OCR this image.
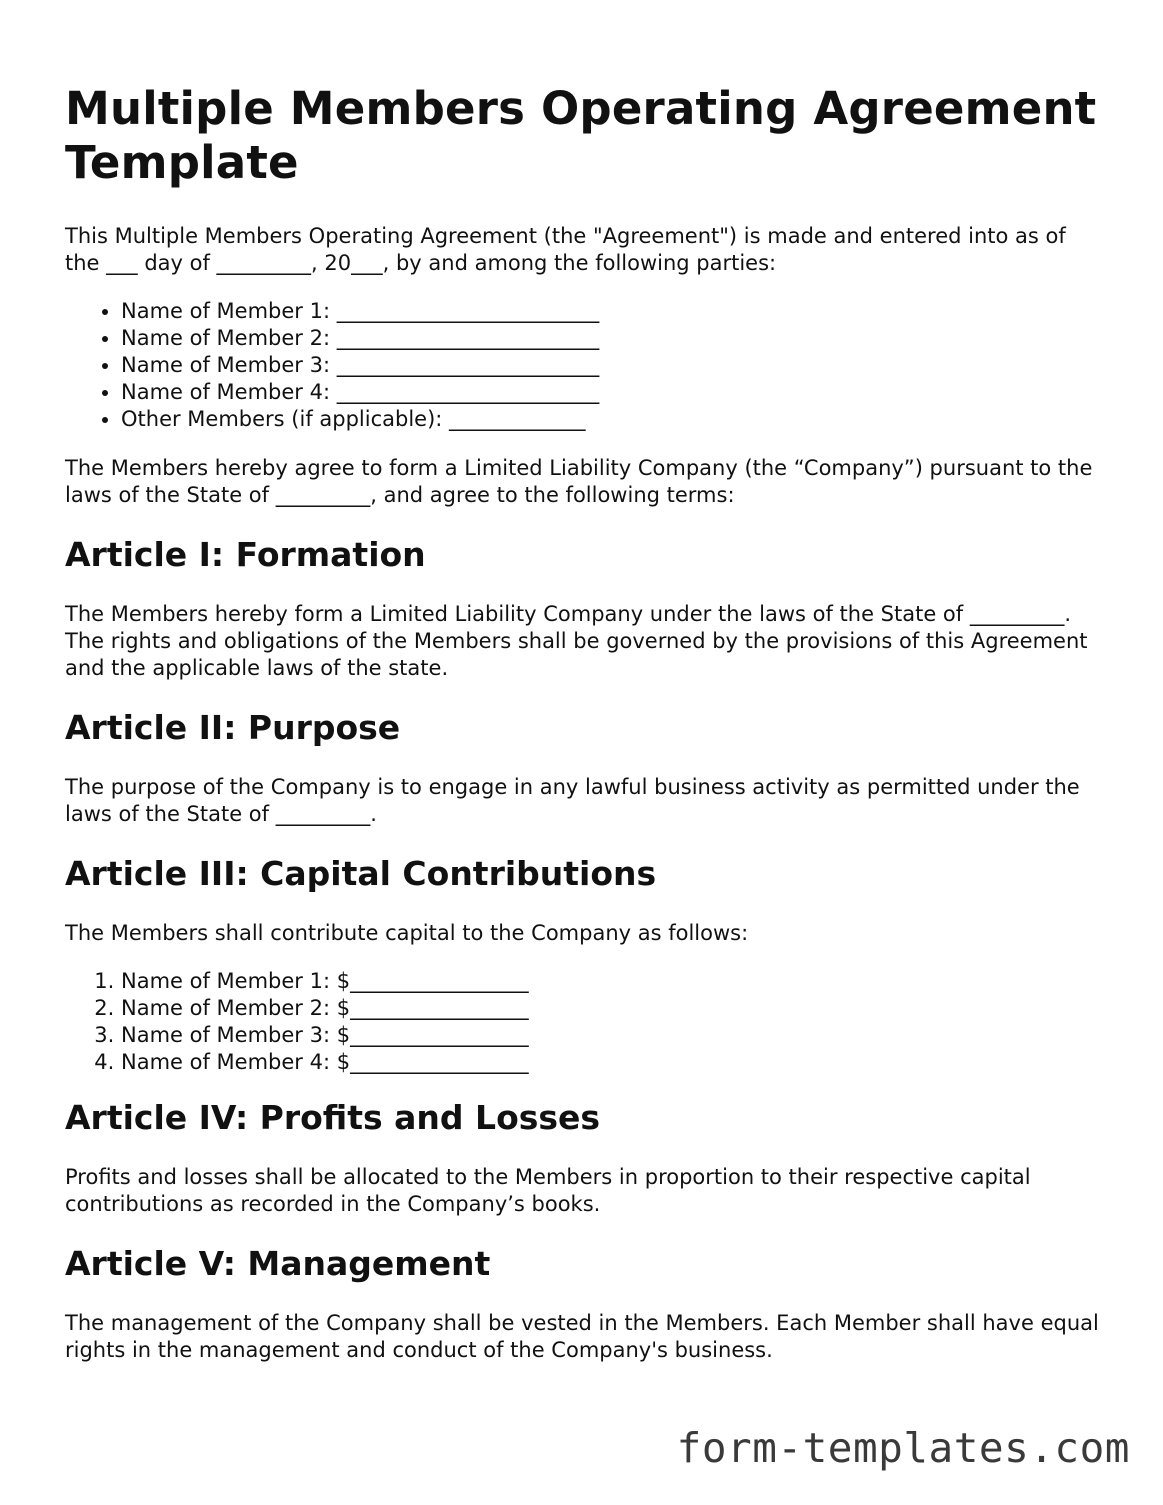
Multiple Members Operating Agreement Template

This Multiple Members Operating Agreement (the "Agreement") is made and entered into as of the ___ day of _________, 20___, by and among the following parties:

• Name of Member 1: _________________________
• Name of Member 2: _________________________
• Name of Member 3: _________________________
• Name of Member 4: _________________________
• Other Members (if applicable): _____________

The Members hereby agree to form a Limited Liability Company (the “Company”) pursuant to the laws of the State of _________, and agree to the following terms:

Article I: Formation

The Members hereby form a Limited Liability Company under the laws of the State of _________. The rights and obligations of the Members shall be governed by the provisions of this Agreement and the applicable laws of the state.

Article II: Purpose

The purpose of the Company is to engage in any lawful business activity as permitted under the laws of the State of _________.

Article III: Capital Contributions

The Members shall contribute capital to the Company as follows:

1. Name of Member 1: $_________________
2. Name of Member 2: $_________________
3. Name of Member 3: $_________________
4. Name of Member 4: $_________________
Article IV: Profits and Losses

Profits and losses shall be allocated to the Members in proportion to their respective capital contributions as recorded in the Company’s books.

Article V: Management

The management of the Company shall be vested in the Members. Each Member shall have equal rights in the management and conduct of the Company's business.

form-templates.com
